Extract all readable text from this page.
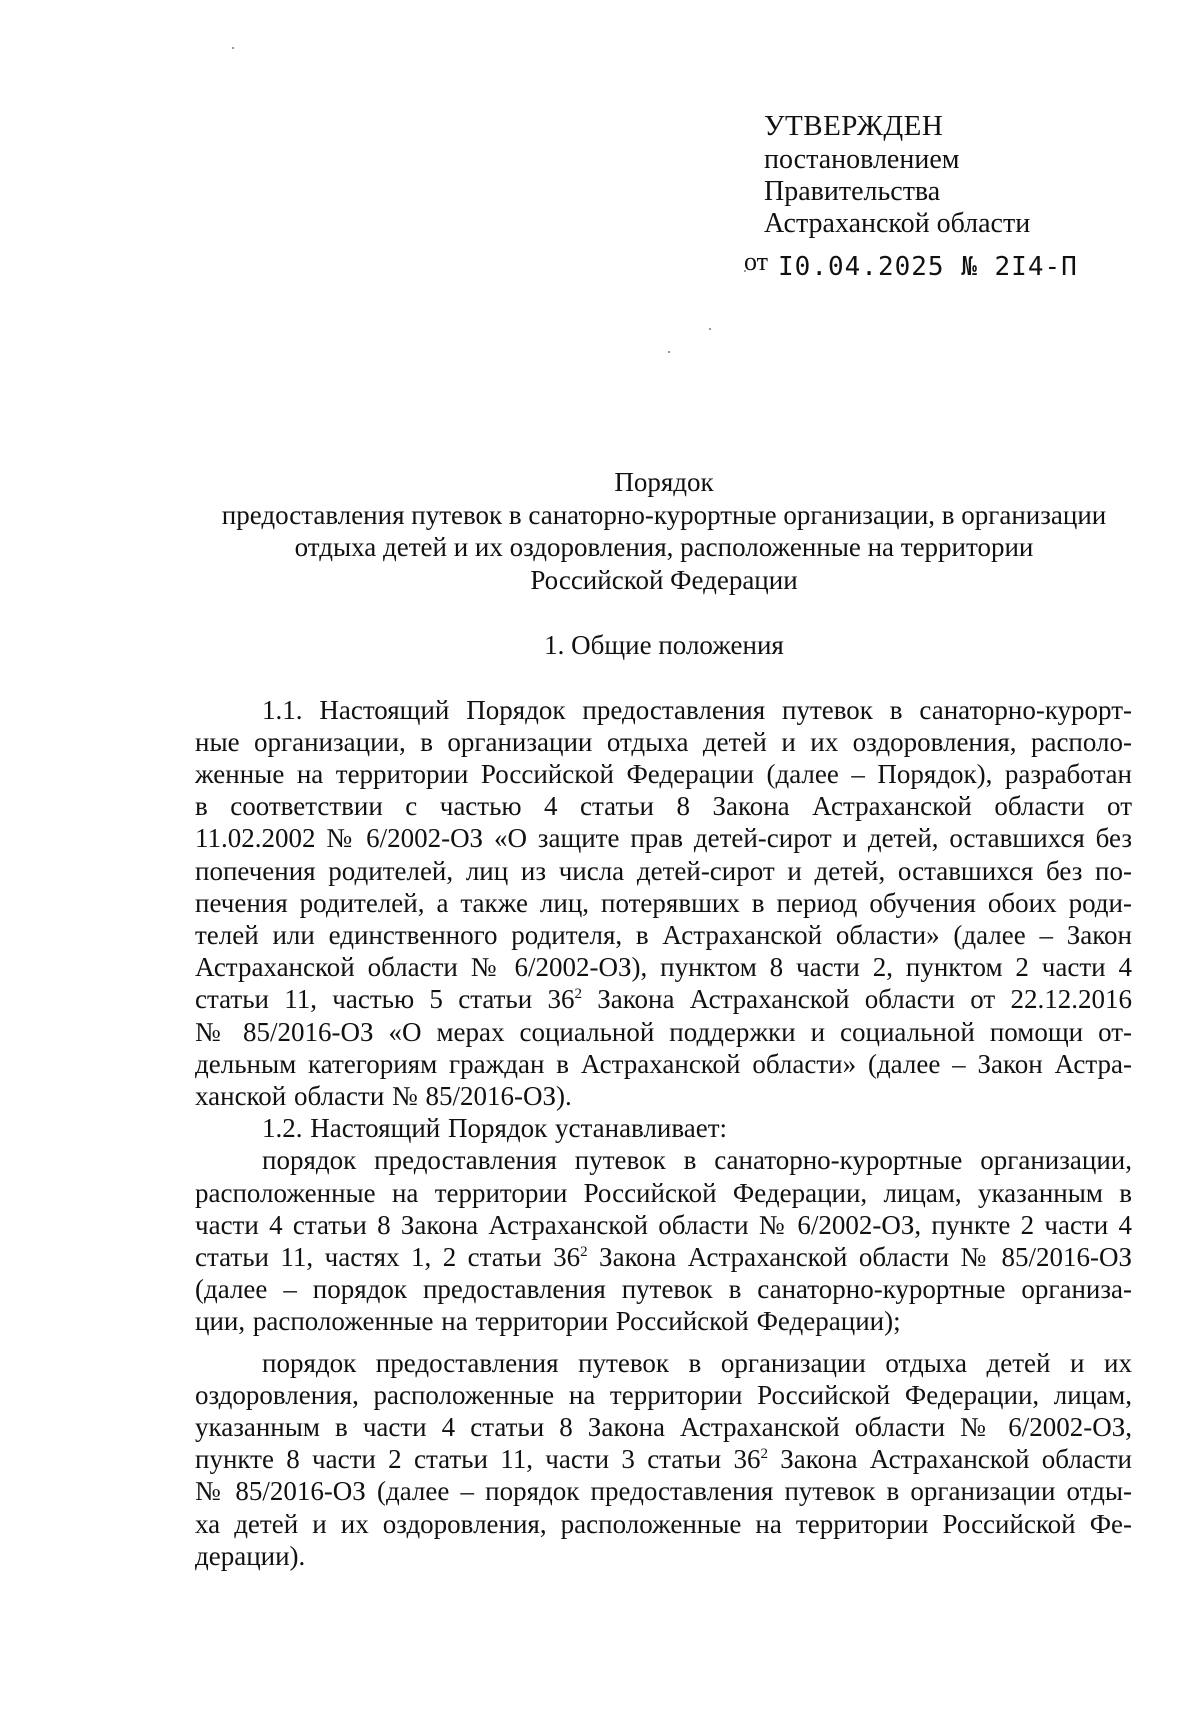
УТВЕРЖДЕН
постановлением
Правительства
Астраханской области
от I0.04.2025 № 2I4-П
Порядок
предоставления путевок в санаторно-курортные организации, в организации
отдыха детей и их оздоровления, расположенные на территории
Российской Федерации
1. Общие положения
1.1. Настоящий Порядок предоставления путевок в санаторно-курорт-
ные организации, в организации отдыха детей и их оздоровления, располо-
женные на территории Российской Федерации (далее – Порядок), разработан
в соответствии с частью 4 статьи 8 Закона Астраханской области от
11.02.2002 № 6/2002-ОЗ «О защите прав детей-сирот и детей, оставшихся без
попечения родителей, лиц из числа детей-сирот и детей, оставшихся без по-
печения родителей, а также лиц, потерявших в период обучения обоих роди-
телей или единственного родителя, в Астраханской области» (далее – Закон
Астраханской области № 6/2002-ОЗ), пунктом 8 части 2, пунктом 2 части 4
статьи 11, частью 5 статьи $36^2$ Закона Астраханской области от 22.12.2016
№ 85/2016-ОЗ «О мерах социальной поддержки и социальной помощи от-
дельным категориям граждан в Астраханской области» (далее – Закон Астра-
ханской области № 85/2016-ОЗ).
1.2. Настоящий Порядок устанавливает:
порядок предоставления путевок в санаторно-курортные организации,
расположенные на территории Российской Федерации, лицам, указанным в
части 4 статьи 8 Закона Астраханской области № 6/2002-ОЗ, пункте 2 части 4
статьи 11, частях 1, 2 статьи $36^2$ Закона Астраханской области № 85/2016-ОЗ
(далее – порядок предоставления путевок в санаторно-курортные организа-
ции, расположенные на территории Российской Федерации);
порядок предоставления путевок в организации отдыха детей и их
оздоровления, расположенные на территории Российской Федерации, лицам,
указанным в части 4 статьи 8 Закона Астраханской области № 6/2002-ОЗ,
пункте 8 части 2 статьи 11, части 3 статьи $36^2$ Закона Астраханской области
№ 85/2016-ОЗ (далее – порядок предоставления путевок в организации отды-
ха детей и их оздоровления, расположенные на территории Российской Фе-
дерации).
